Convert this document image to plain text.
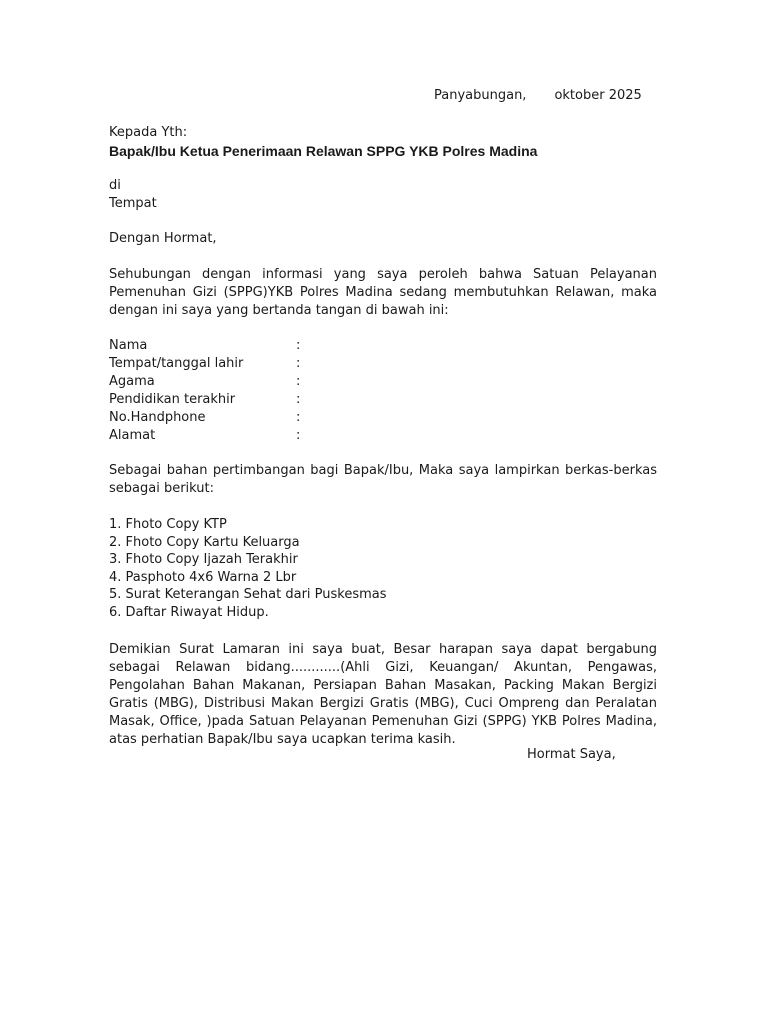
Panyabungan, oktober 2025

Kepada Yth:

Bapak/Ibu Ketua Penerimaan Relawan SPPG YKB Polres Madina

di

Tempat

Dengan Hormat,

Sehubungan dengan informasi yang saya peroleh bahwa Satuan Pelayanan Pemenuhan Gizi (SPPG)YKB Polres Madina sedang membutuhkan Relawan, maka dengan ini saya yang bertanda tangan di bawah ini:

Nama	:
Tempat/tanggal lahir	:
Agama	:
Pendidikan terakhir	:
No.Handphone	:
Alamat	:

Sebagai bahan pertimbangan bagi Bapak/Ibu, Maka saya lampirkan berkas-berkas sebagai berikut:

1. Fhoto Copy KTP
2. Fhoto Copy Kartu Keluarga
3. Fhoto Copy Ijazah Terakhir
4. Pasphoto 4x6 Warna 2 Lbr
5. Surat Keterangan Sehat dari Puskesmas
6. Daftar Riwayat Hidup.

Demikian Surat Lamaran ini saya buat, Besar harapan saya dapat bergabung sebagai Relawan bidang............(Ahli Gizi, Keuangan/ Akuntan, Pengawas, Pengolahan Bahan Makanan, Persiapan Bahan Masakan, Packing Makan Bergizi Gratis (MBG), Distribusi Makan Bergizi Gratis (MBG), Cuci Ompreng dan Peralatan Masak, Office, )pada Satuan Pelayanan Pemenuhan Gizi (SPPG) YKB Polres Madina, atas perhatian Bapak/Ibu saya ucapkan terima kasih.

Hormat Saya,
